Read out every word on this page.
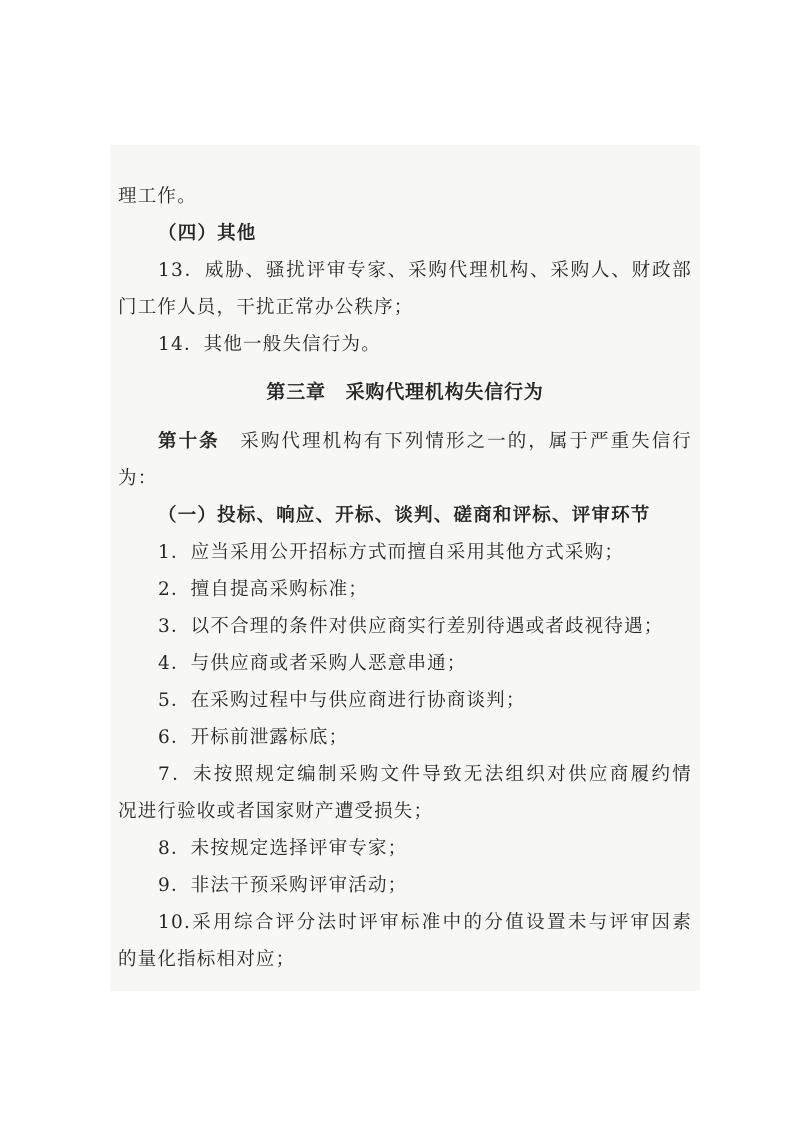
理工作。
（四）其他
13．威胁、骚扰评审专家、采购代理机构、采购人、财政部
门工作人员，干扰正常办公秩序；
14．其他一般失信行为。
第三章　采购代理机构失信行为
第十条　采购代理机构有下列情形之一的，属于严重失信行
为：
（一）投标、响应、开标、谈判、磋商和评标、评审环节
1．应当采用公开招标方式而擅自采用其他方式采购；
2．擅自提高采购标准；
3．以不合理的条件对供应商实行差别待遇或者歧视待遇；
4．与供应商或者采购人恶意串通；
5．在采购过程中与供应商进行协商谈判；
6．开标前泄露标底；
7．未按照规定编制采购文件导致无法组织对供应商履约情
况进行验收或者国家财产遭受损失；
8．未按规定选择评审专家；
9．非法干预采购评审活动；
10.采用综合评分法时评审标准中的分值设置未与评审因素
的量化指标相对应；
